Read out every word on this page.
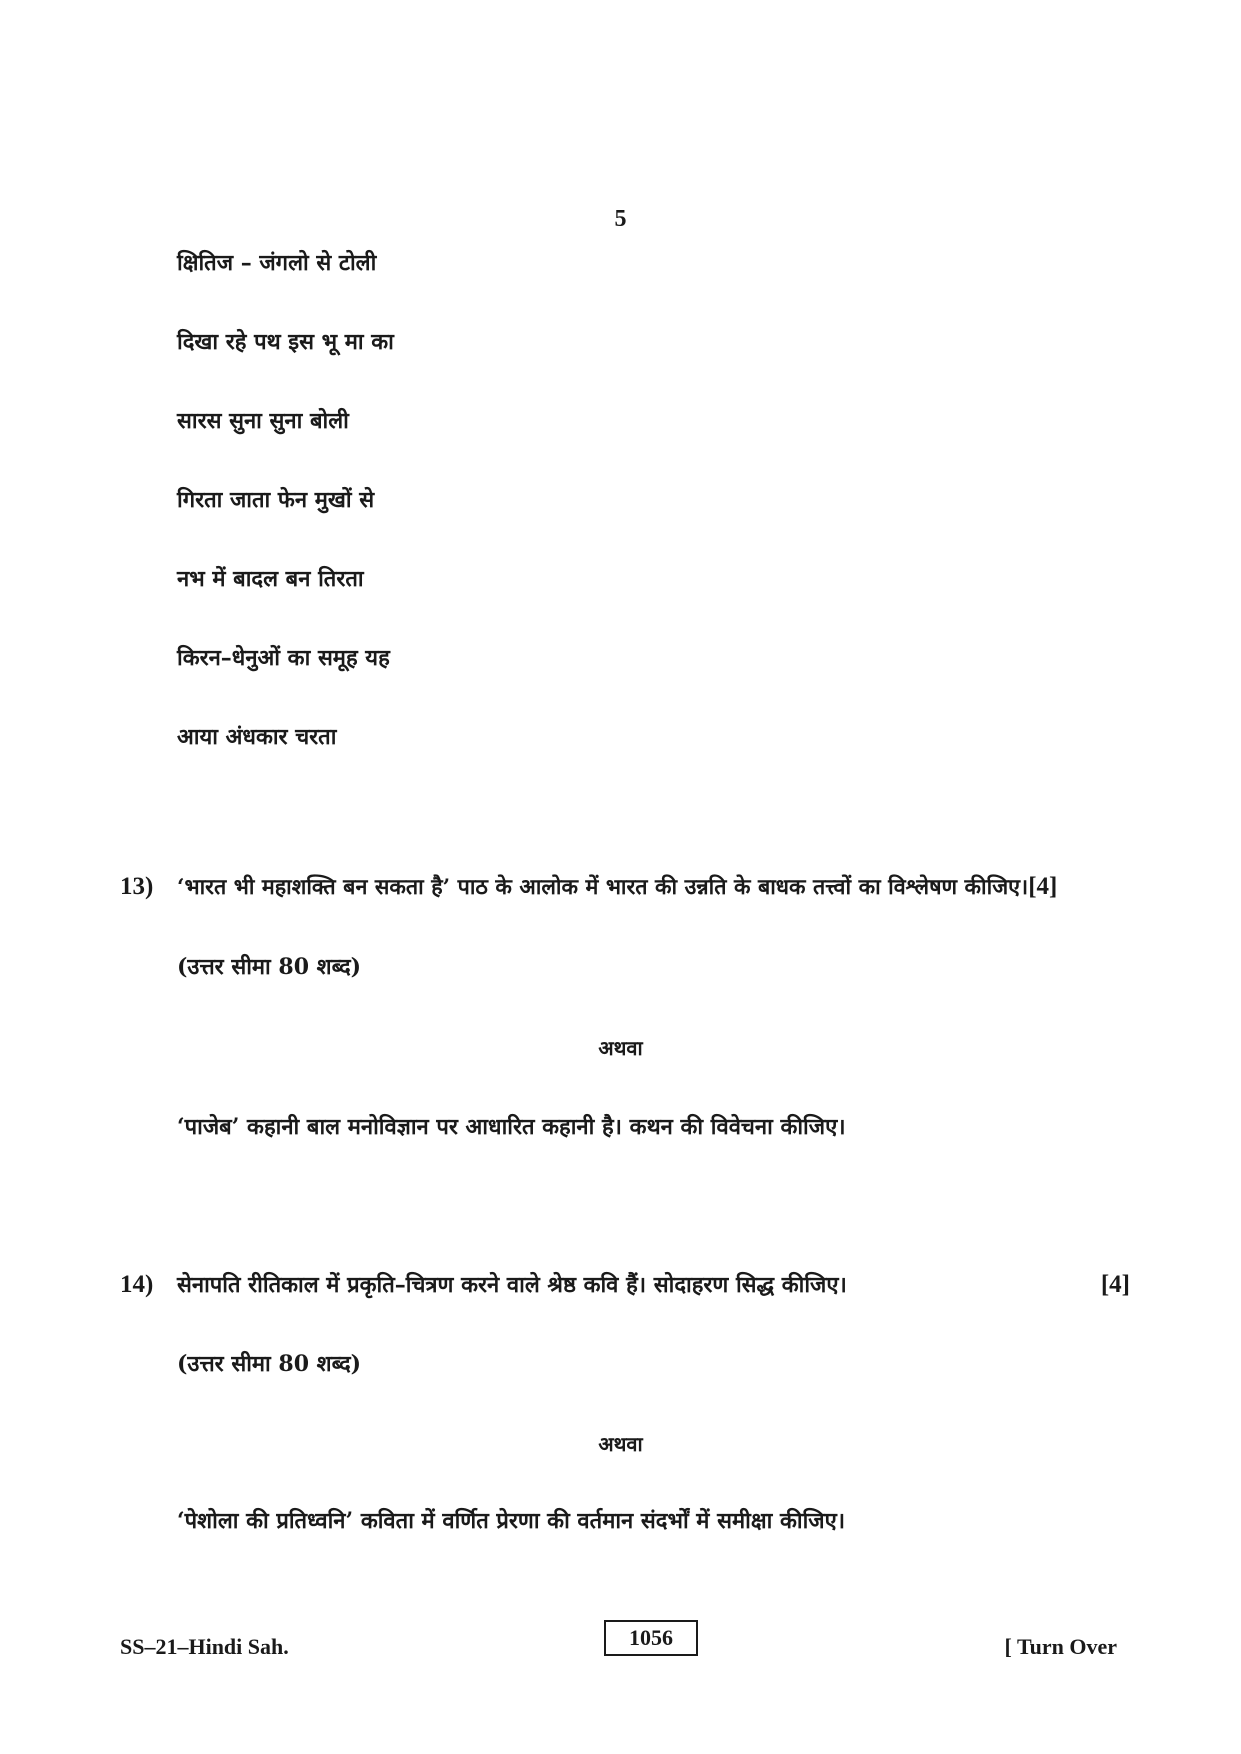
5
क्षितिज – जंगलो से टोली
दिखा रहे पथ इस भू मा का
सारस सुना सुना बोली
गिरता जाता फेन मुखों से
नभ में बादल बन तिरता
किरन–धेनुओं का समूह यह
आया अंधकार चरता
13) ‘भारत भी महाशक्ति बन सकता है’ पाठ के आलोक में भारत की उन्नति के बाधक तत्त्वों का विश्लेषण कीजिए।[4]
(उत्तर सीमा 80 शब्द)
अथवा
‘पाजेब’ कहानी बाल मनोविज्ञान पर आधारित कहानी है। कथन की विवेचना कीजिए।
14) सेनापति रीतिकाल में प्रकृति–चित्रण करने वाले श्रेष्ठ कवि हैं। सोदाहरण सिद्ध कीजिए।	[4]
(उत्तर सीमा 80 शब्द)
अथवा
‘पेशोला की प्रतिध्वनि’ कविता में वर्णित प्रेरणा की वर्तमान संदर्भों में समीक्षा कीजिए।
SS–21–Hindi Sah.	1056	[ Turn Over
